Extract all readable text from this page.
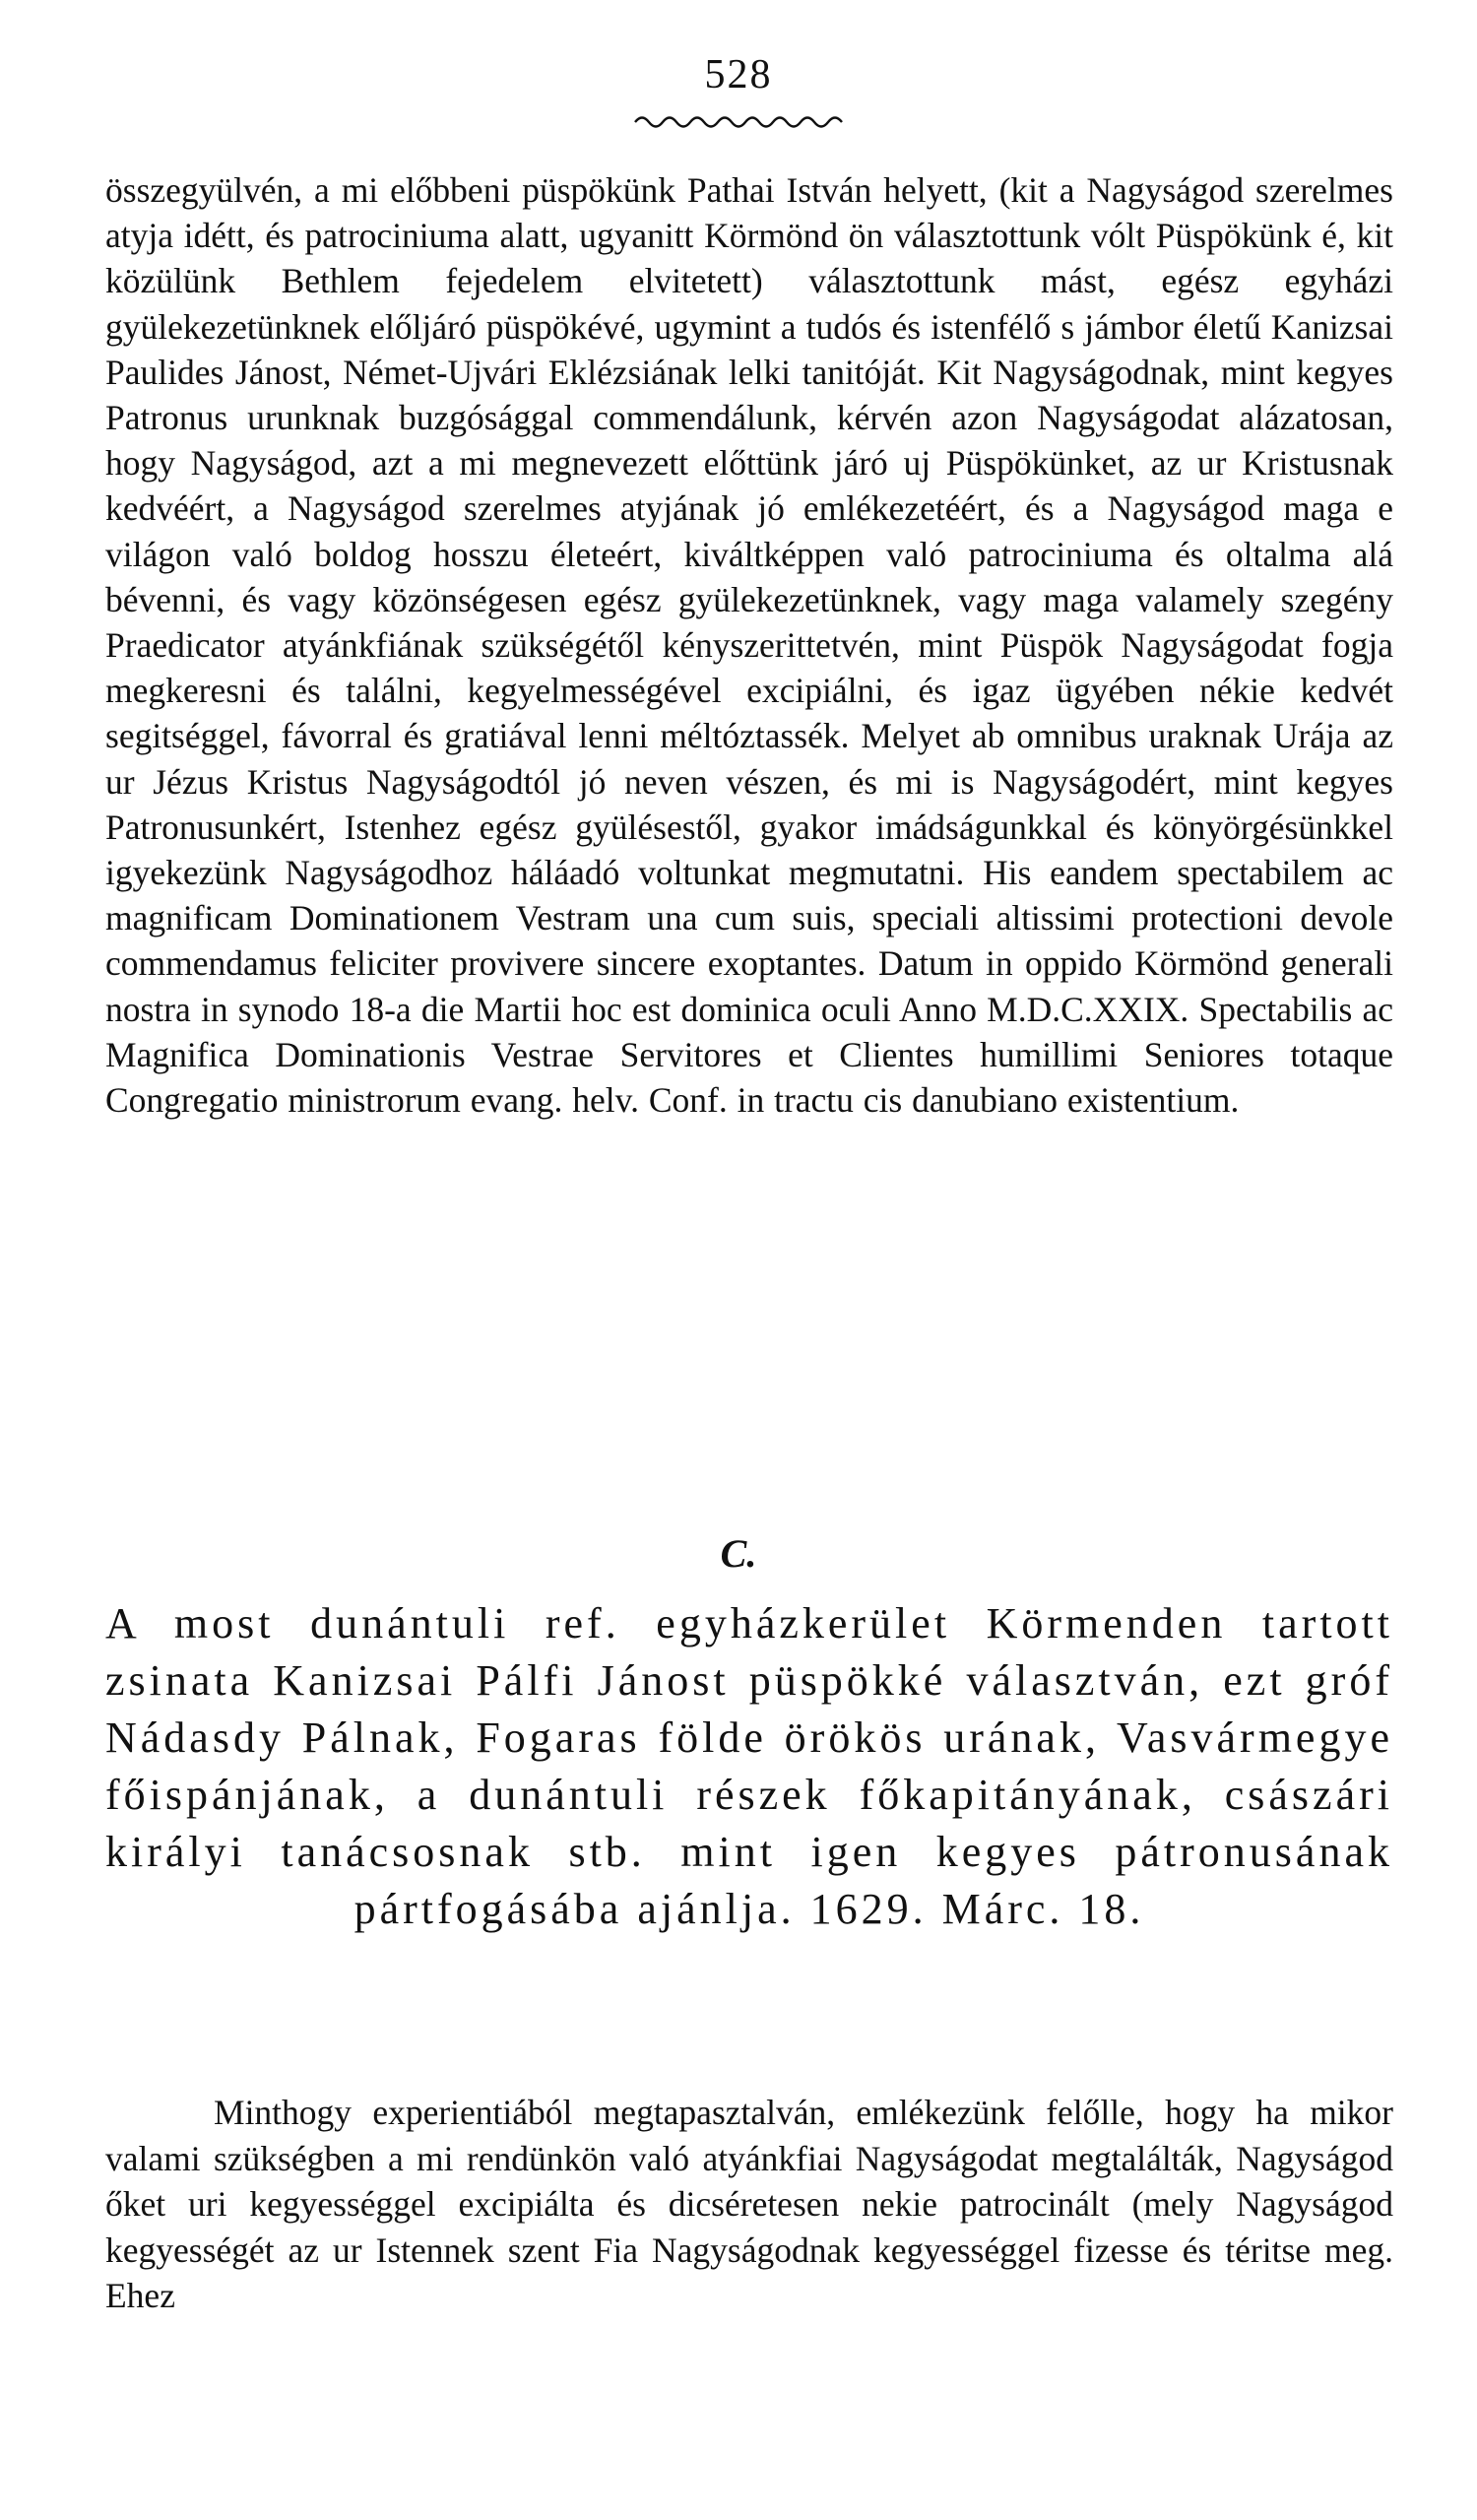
528
összegyülvén, a mi előbbeni püspökünk Pathai István helyett, (kit a Nagyságod szerelmes atyja idétt, és patrociniuma alatt, ugyanitt Körmönd ön választottunk vólt Püspökünk é, kit közülünk Bethlem fejedelem elvitetett) választottunk mást, egész egyházi gyülekezetünknek előljáró püspökévé, ugymint a tudós és istenfélő s jámbor életű Kanizsai Paulides Jánost, Német-Ujvári Eklézsiának lelki tanitóját. Kit Nagyságodnak, mint kegyes Patronus urunknak buzgósággal commendálunk, kérvén azon Nagyságodat alázatosan, hogy Nagyságod, azt a mi megnevezett előttünk járó uj Püspökünket, az ur Kristusnak kedvéért, a Nagyságod szerelmes atyjának jó emlékezetéért, és a Nagyságod maga e világon való boldog hosszu életeért, kiváltképpen való patrociniuma és oltalma alá bévenni, és vagy közönségesen egész gyülekezetünknek, vagy maga valamely szegény Praedicator atyánkfiának szükségétől kényszerittetvén, mint Püspök Nagyságodat fogja megkeresni és találni, kegyelmességével excipiálni, és igaz ügyében nékie kedvét segitséggel, fávorral és gratiával lenni méltóztassék. Melyet ab omnibus uraknak Urája az ur Jézus Kristus Nagyságodtól jó neven vészen, és mi is Nagyságodért, mint kegyes Patronusunkért, Istenhez egész gyülésestől, gyakor imádságunkkal és könyörgésünkkel igyekezünk Nagyságodhoz háláadó voltunkat megmutatni. His eandem spectabilem ac magnificam Dominationem Vestram una cum suis, speciali altissimi protectioni devole commendamus feliciter provivere sincere exoptantes. Datum in oppido Körmönd generali nostra in synodo 18-a die Martii hoc est dominica oculi Anno M.D.C.XXIX. Spectabilis ac Magnifica Dominationis Vestrae Servitores et Clientes humillimi Seniores totaque Congregatio ministrorum evang. helv. Conf. in tractu cis danubiano existentium.
C.
A most dunántuli ref. egyházkerület Körmenden tartott zsinata Kanizsai Pálfi Jánost püspökké választván, ezt gróf Nádasdy Pálnak, Fogaras földe örökös urának, Vasvármegye főispánjának, a dunántuli részek főkapitányának, császári királyi tanácsosnak stb. mint igen kegyes pátronusának pártfogásába ajánlja. 1629. Márc. 18.
Minthogy experientiából megtapasztalván, emlékezünk felőlle, hogy ha mikor valami szükségben a mi rendünkön való atyánkfiai Nagyságodat megtalálták, Nagyságod őket uri kegyességgel excipiálta és dicséretesen nekie patrocinált (mely Nagyságod kegyességét az ur Istennek szent Fia Nagyságodnak kegyességgel fizesse és téritse meg. Ehez
